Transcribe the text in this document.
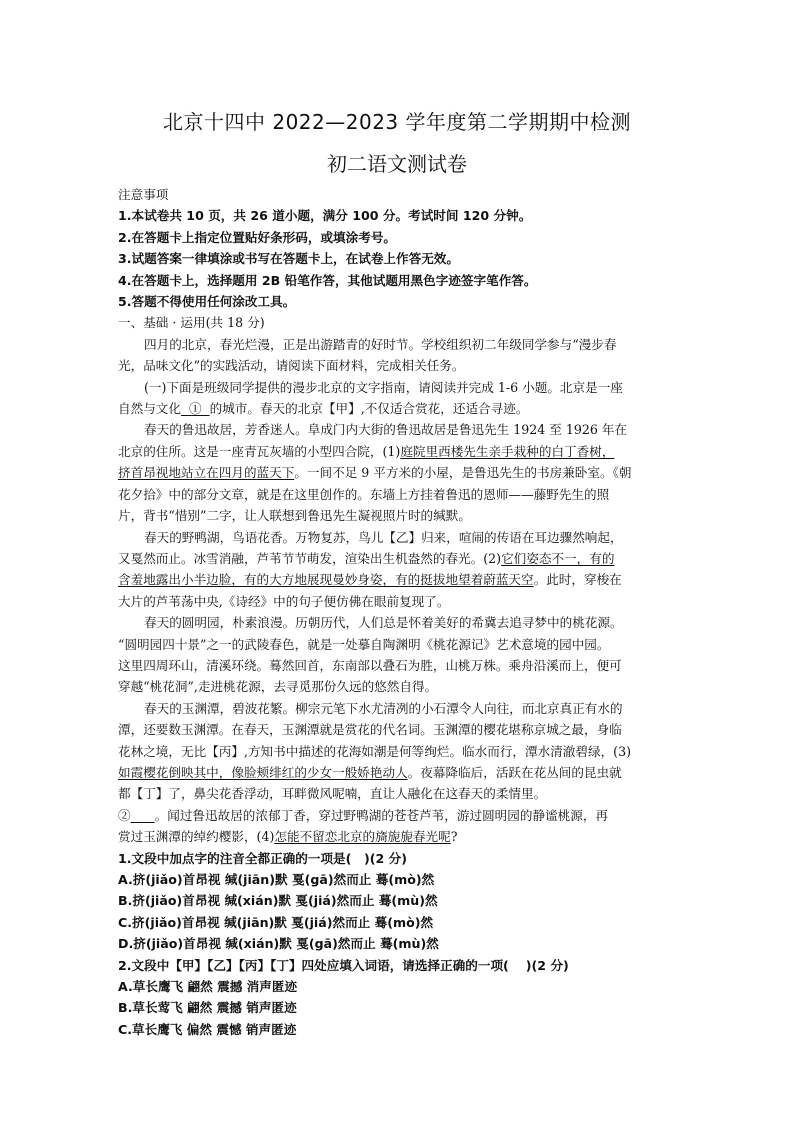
北京十四中 2022—2023 学年度第二学期期中检测
初二语文测试卷

注意事项

1.本试卷共 10 页，共 26 道小题，满分 100 分。考试时间 120 分钟。

2.在答题卡上指定位置贴好条形码，或填涂考号。

3.试题答案一律填涂或书写在答题卡上，在试卷上作答无效。

4.在答题卡上，选择题用 2B 铅笔作答，其他试题用黑色字迹签字笔作答。

5.答题不得使用任何涂改工具。

一、基础 · 运用(共 18 分)

四月的北京，春光烂漫，正是出游踏青的好时节。学校组织初二年级同学参与“漫步春

光，品味文化”的实践活动，请阅读下面材料，完成相关任务。

(一)下面是班级同学提供的漫步北京的文字指南，请阅读并完成 1-6 小题。北京是一座

自然与文化  ①  的城市。春天的北京【甲】,不仅适合赏花，还适合寻迹。

春天的鲁迅故居，芳香迷人。阜成门内大街的鲁迅故居是鲁迅先生 1924 至 1926 年在

北京的住所。这是一座青瓦灰墙的小型四合院，(1)庭院里西楼先生亲手栽种的白丁香树，

挤首昂视地站立在四月的蓝天下。一间不足 9 平方米的小屋，是鲁迅先生的书房兼卧室。《朝

花夕拾》中的部分文章，就是在这里创作的。东墙上方挂着鲁迅的恩师——藤野先生的照

片，背书“惜别”二字，让人联想到鲁迅先生凝视照片时的缄默。

春天的野鸭湖，鸟语花香。万物复苏，鸟儿【乙】归来，喧闹的传语在耳边骤然响起，

又戛然而止。冰雪消融，芦苇节节萌发，渲染出生机盎然的春光。(2)它们姿态不一，有的

含羞地露出小半边脸，有的大方地展现曼妙身姿，有的挺拔地望着蔚蓝天空。此时，穿梭在

大片的芦苇荡中央,《诗经》中的句子便仿佛在眼前复现了。

春天的圆明园，朴素浪漫。历朝历代，人们总是怀着美好的希冀去追寻梦中的桃花源。

“圆明园四十景”之一的武陵春色，就是一处摹自陶渊明《桃花源记》艺术意境的园中园。

这里四周环山，清溪环绕。蓦然回首，东南部以叠石为胜，山桃万株。乘舟沿溪而上，便可

穿越“桃花洞”,走进桃花源，去寻觅那份久远的悠然自得。

春天的玉渊潭，碧波花繁。柳宗元笔下水尤清冽的小石潭令人向往，而北京真正有水的

潭，还要数玉渊潭。在春天，玉渊潭就是赏花的代名词。玉渊潭的樱花堪称京城之最，身临

花林之境，无比【丙】,方知书中描述的花海如潮是何等绚烂。临水而行，潭水清澈碧绿，(3)

如霞樱花倒映其中，像脸颊绯红的少女一般娇艳动人。夜幕降临后，活跃在花丛间的昆虫就

都【丁】了，鼻尖花香浮动，耳畔微风呢喃，直让人融化在这春天的柔情里。

② 。闻过鲁迅故居的浓郁丁香，穿过野鸭湖的苍苍芦苇，游过圆明园的静谧桃源，再

赏过玉渊潭的绰约樱影，(4)怎能不留恋北京的旖旎旎春光呢?

1.文段中加点字的注音全都正确的一项是(　)(2 分)

A.挤(jiǎo)首昂视 缄(jiān)默 戛(gā)然而止 蓦(mò)然

B.挤(jiǎo)首昂视 缄(xián)默 戛(jiá)然而止 蓦(mù)然

C.挤(jiǎo)首昂视 缄(jiān)默 戛(jiá)然而止 蓦(mò)然

D.挤(jiǎo)首昂视 缄(xián)默 戛(gā)然而止 蓦(mù)然

2.文段中【甲】【乙】【丙】【丁】四处应填入词语，请选择正确的一项(　 )(2 分)

A.草长鹰飞 翩然 震撼 消声匿迹

B.草长莺飞 翩然 震撼 销声匿迹

C.草长鹰飞 偏然 震憾 销声匿迹
